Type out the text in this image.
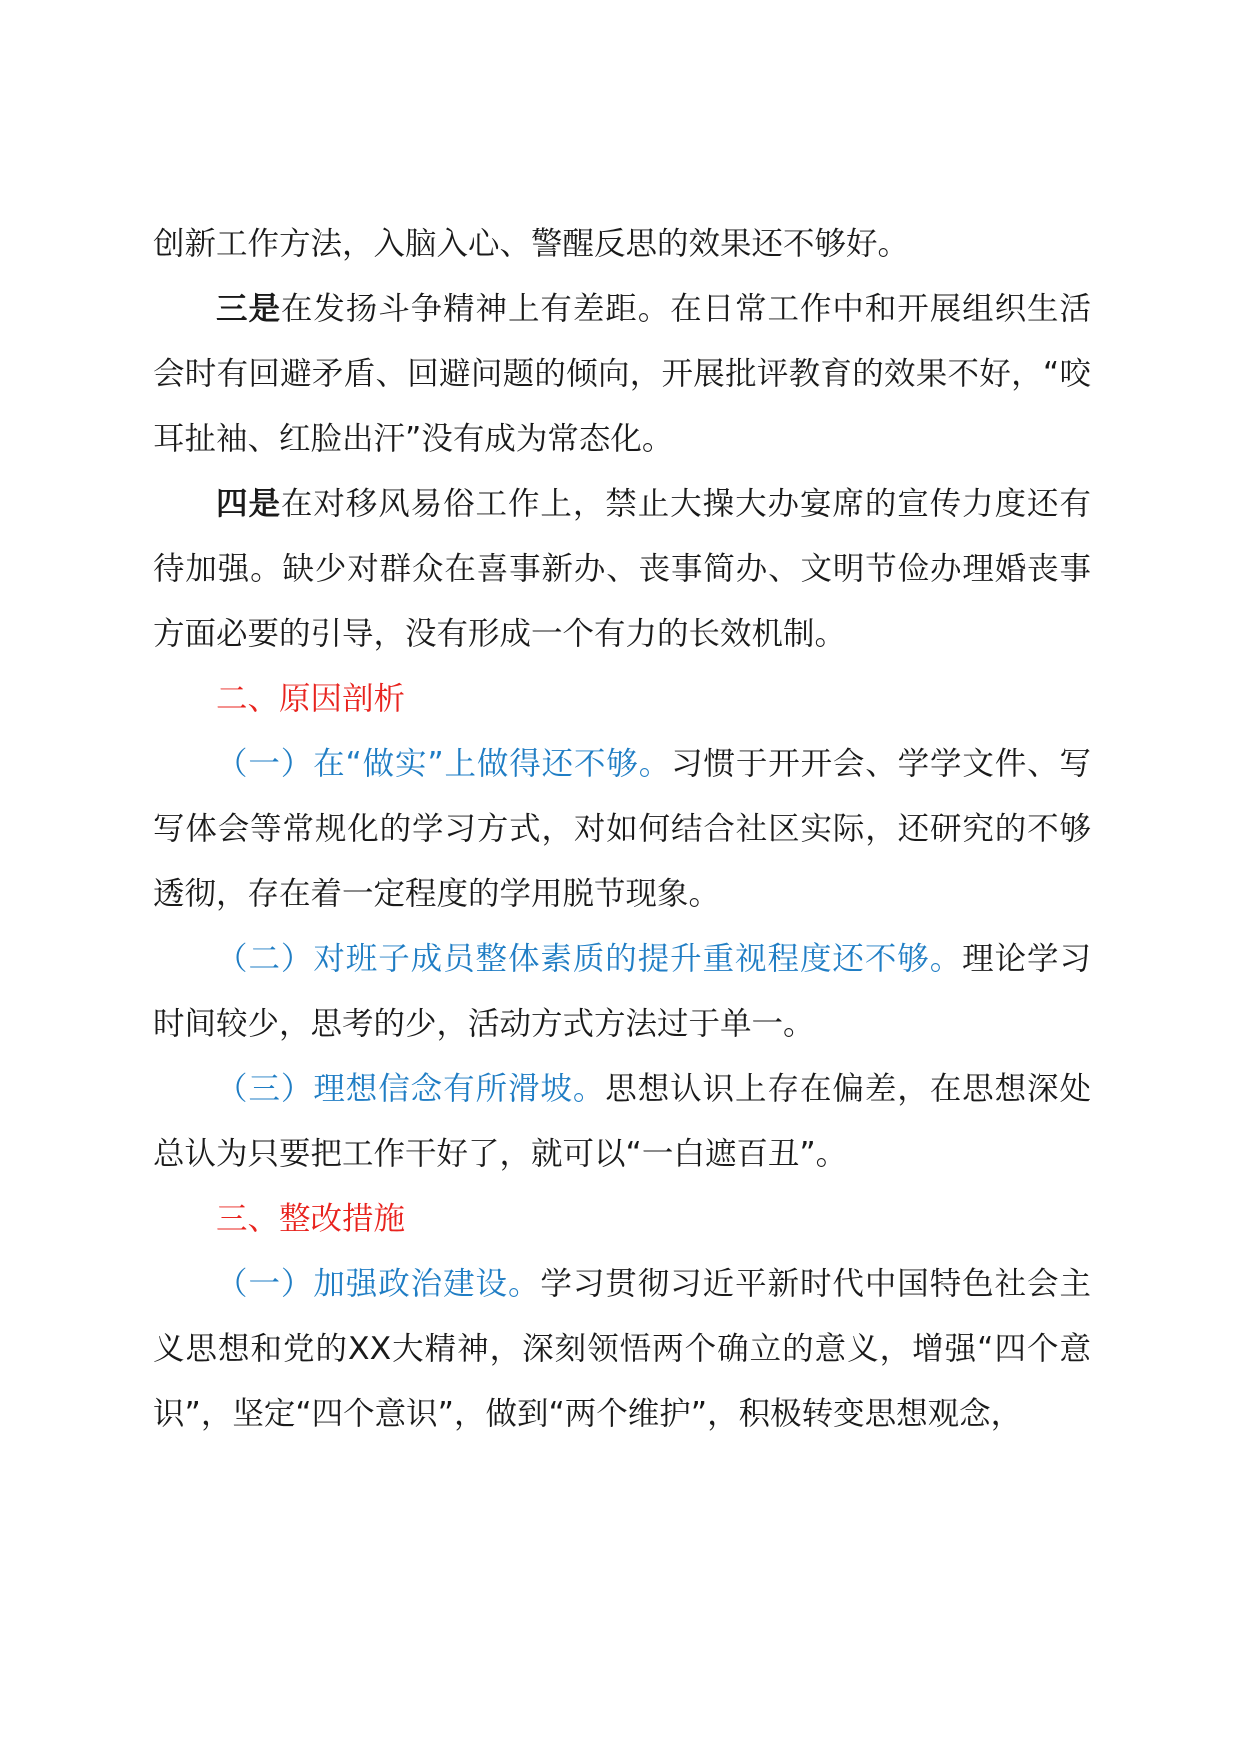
创新工作方法，入脑入心、警醒反思的效果还不够好。

三是在发扬斗争精神上有差距。在日常工作中和开展组织生活会时有回避矛盾、回避问题的倾向，开展批评教育的效果不好，“咬耳扯袖、红脸出汗”没有成为常态化。

四是在对移风易俗工作上，禁止大操大办宴席的宣传力度还有待加强。缺少对群众在喜事新办、丧事简办、文明节俭办理婚丧事方面必要的引导，没有形成一个有力的长效机制。

二、原因剖析

（一）在“做实”上做得还不够。习惯于开开会、学学文件、写写体会等常规化的学习方式，对如何结合社区实际，还研究的不够透彻，存在着一定程度的学用脱节现象。

（二）对班子成员整体素质的提升重视程度还不够。理论学习时间较少，思考的少，活动方式方法过于单一。

（三）理想信念有所滑坡。思想认识上存在偏差，在思想深处总认为只要把工作干好了，就可以“一白遮百丑”。

三、整改措施

（一）加强政治建设。学习贯彻习近平新时代中国特色社会主义思想和党的XX大精神，深刻领悟两个确立的意义，增强“四个意识”，坚定“四个意识”，做到“两个维护”，积极转变思想观念，
